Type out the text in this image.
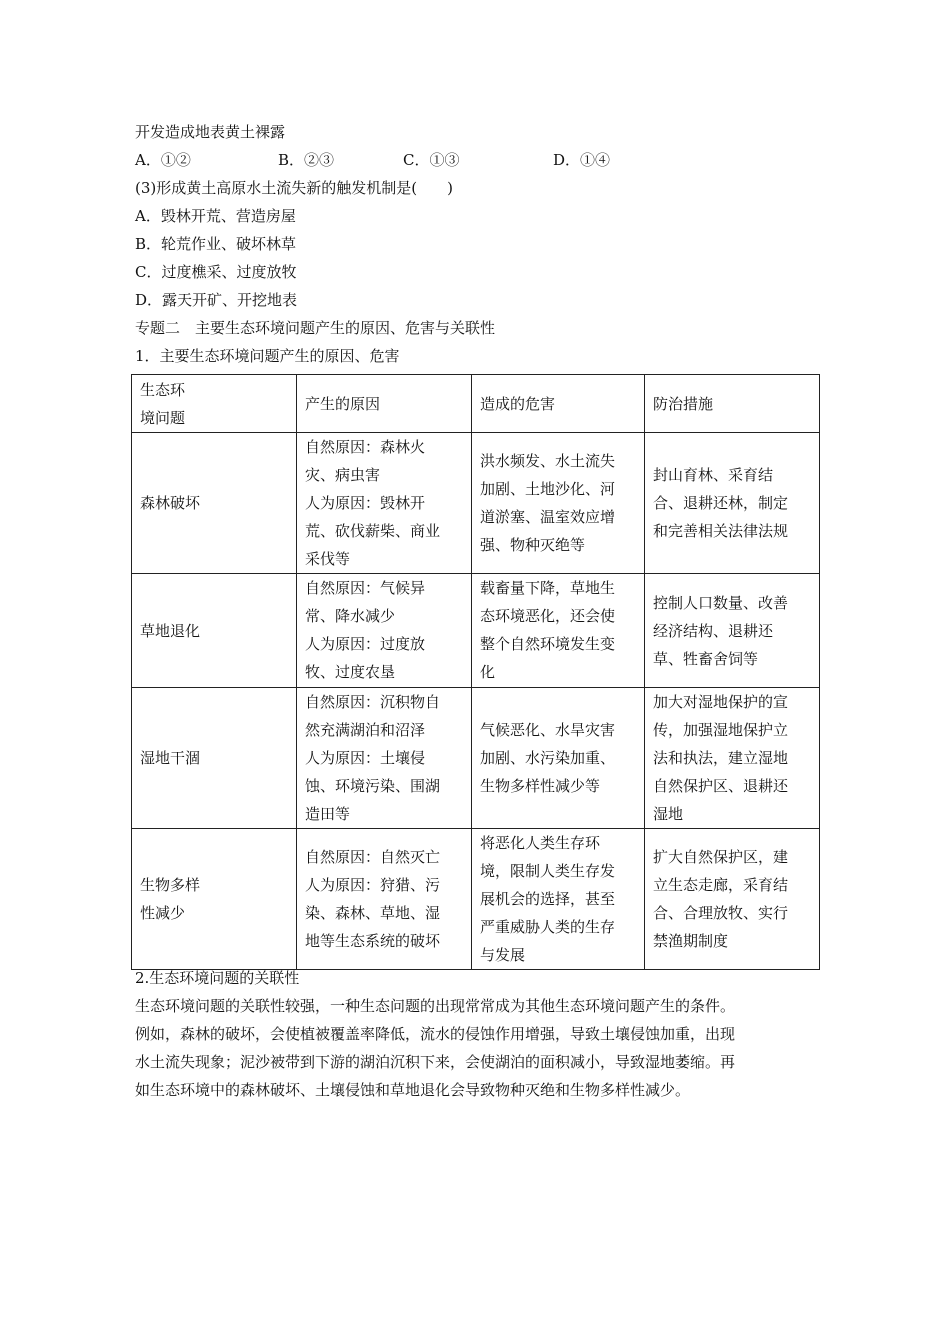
开发造成地表黄土裸露
A．①②	B．②③	C．①③	D．①④
(3)形成黄土高原水土流失新的触发机制是(　　)
A．毁林开荒、营造房屋
B．轮荒作业、破坏林草
C．过度樵采、过度放牧
D．露天开矿、开挖地表
专题二　主要生态环境问题产生的原因、危害与关联性
1．主要生态环境问题产生的原因、危害
生态环
境问题	产生的原因	造成的危害	防治措施
森林破坏	自然原因：森林火
灾、病虫害
人为原因：毁林开
荒、砍伐薪柴、商业
采伐等	洪水频发、水土流失
加剧、土地沙化、河
道淤塞、温室效应增
强、物种灭绝等	封山育林、采育结
合、退耕还林，制定
和完善相关法律法规
草地退化	自然原因：气候异
常、降水减少
人为原因：过度放
牧、过度农垦	载畜量下降，草地生
态环境恶化，还会使
整个自然环境发生变
化	控制人口数量、改善
经济结构、退耕还
草、牲畜舍饲等
湿地干涸	自然原因：沉积物自
然充满湖泊和沼泽
人为原因：土壤侵
蚀、环境污染、围湖
造田等	气候恶化、水旱灾害
加剧、水污染加重、
生物多样性减少等	加大对湿地保护的宣
传，加强湿地保护立
法和执法，建立湿地
自然保护区、退耕还
湿地
生物多样
性减少	自然原因：自然灭亡
人为原因：狩猎、污
染、森林、草地、湿
地等生态系统的破坏	将恶化人类生存环
境，限制人类生存发
展机会的选择，甚至
严重威胁人类的生存
与发展	扩大自然保护区，建
立生态走廊，采育结
合、合理放牧、实行
禁渔期制度
2.生态环境问题的关联性
生态环境问题的关联性较强，一种生态问题的出现常常成为其他生态环境问题产生的条件。
例如，森林的破坏，会使植被覆盖率降低，流水的侵蚀作用增强，导致土壤侵蚀加重，出现
水土流失现象；泥沙被带到下游的湖泊沉积下来，会使湖泊的面积减小，导致湿地萎缩。再
如生态环境中的森林破坏、土壤侵蚀和草地退化会导致物种灭绝和生物多样性减少。
